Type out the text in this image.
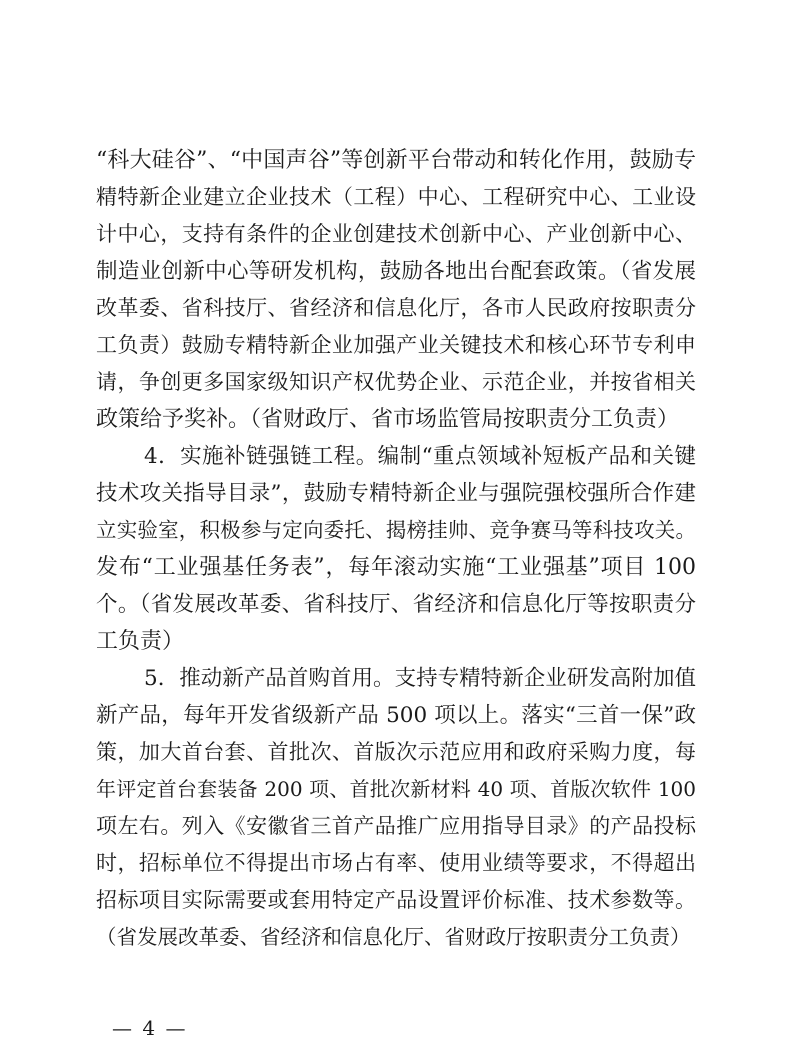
“科大硅谷”、“中国声谷”等创新平台带动和转化作用，鼓励专
精特新企业建立企业技术（工程）中心、工程研究中心、工业设
计中心，支持有条件的企业创建技术创新中心、产业创新中心、
制造业创新中心等研发机构，鼓励各地出台配套政策。（省发展
改革委、省科技厅、省经济和信息化厅，各市人民政府按职责分
工负责）鼓励专精特新企业加强产业关键技术和核心环节专利申
请，争创更多国家级知识产权优势企业、示范企业，并按省相关
政策给予奖补。（省财政厅、省市场监管局按职责分工负责）
4．实施补链强链工程。编制“重点领域补短板产品和关键
技术攻关指导目录”，鼓励专精特新企业与强院强校强所合作建
立实验室，积极参与定向委托、揭榜挂帅、竞争赛马等科技攻关。
发布“工业强基任务表”，每年滚动实施“工业强基”项目 100
个。（省发展改革委、省科技厅、省经济和信息化厅等按职责分
工负责）
5．推动新产品首购首用。支持专精特新企业研发高附加值
新产品，每年开发省级新产品 500 项以上。落实“三首一保”政
策，加大首台套、首批次、首版次示范应用和政府采购力度，每
年评定首台套装备 200 项、首批次新材料 40 项、首版次软件 100
项左右。列入《安徽省三首产品推广应用指导目录》的产品投标
时，招标单位不得提出市场占有率、使用业绩等要求，不得超出
招标项目实际需要或套用特定产品设置评价标准、技术参数等。
（省发展改革委、省经济和信息化厅、省财政厅按职责分工负责）
— 4 —
